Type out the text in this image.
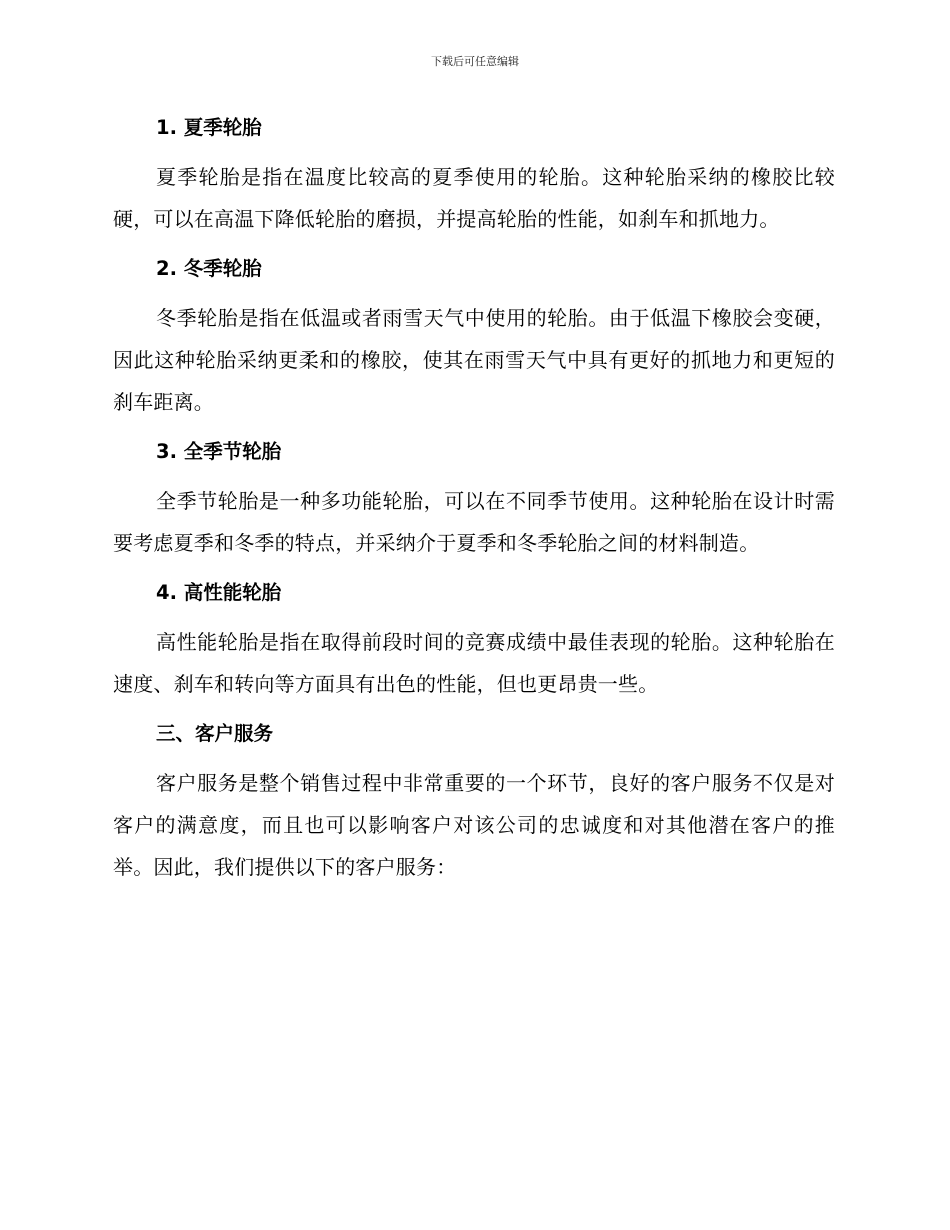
下载后可任意编辑
1. 夏季轮胎

夏季轮胎是指在温度比较高的夏季使用的轮胎。这种轮胎采纳的橡胶比较硬，可以在高温下降低轮胎的磨损，并提高轮胎的性能，如刹车和抓地力。

2. 冬季轮胎

冬季轮胎是指在低温或者雨雪天气中使用的轮胎。由于低温下橡胶会变硬，因此这种轮胎采纳更柔和的橡胶，使其在雨雪天气中具有更好的抓地力和更短的刹车距离。

3. 全季节轮胎

全季节轮胎是一种多功能轮胎，可以在不同季节使用。这种轮胎在设计时需要考虑夏季和冬季的特点，并采纳介于夏季和冬季轮胎之间的材料制造。

4. 高性能轮胎

高性能轮胎是指在取得前段时间的竞赛成绩中最佳表现的轮胎。这种轮胎在速度、刹车和转向等方面具有出色的性能，但也更昂贵一些。

三、客户服务

客户服务是整个销售过程中非常重要的一个环节，良好的客户服务不仅是对客户的满意度，而且也可以影响客户对该公司的忠诚度和对其他潜在客户的推举。因此，我们提供以下的客户服务：
